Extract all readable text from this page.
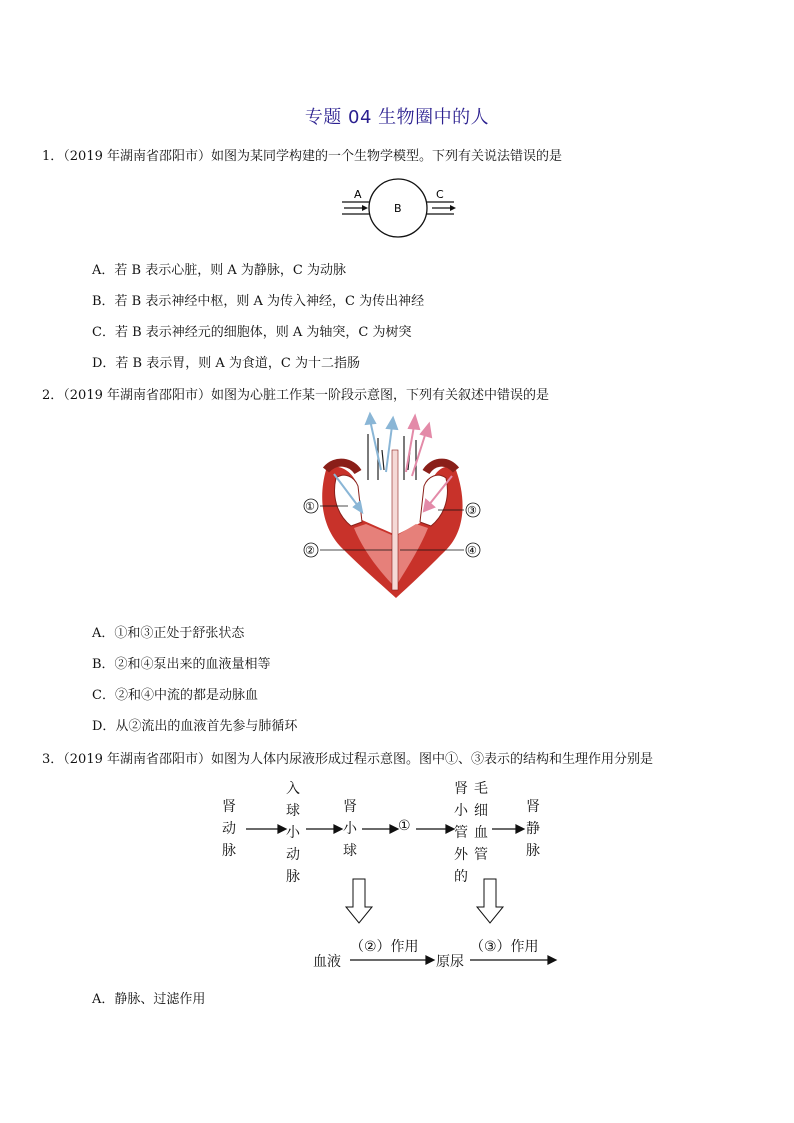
专题 04 生物圈中的人
1．（2019 年湖南省邵阳市）如图为某同学构建的一个生物学模型。下列有关说法错误的是
A
B
C
A．若 B 表示心脏，则 A 为静脉，C 为动脉
B．若 B 表示神经中枢，则 A 为传入神经，C 为传出神经
C．若 B 表示神经元的细胞体，则 A 为轴突，C 为树突
D．若 B 表示胃，则 A 为食道，C 为十二指肠
2．（2019 年湖南省邵阳市）如图为心脏工作某一阶段示意图，下列有关叙述中错误的是
①
②
③
④
A．①和③正处于舒张状态
B．②和④泵出来的血液量相等
C．②和④中流的都是动脉血
D．从②流出的血液首先参与肺循环
3．（2019 年湖南省邵阳市）如图为人体内尿液形成过程示意图。图中①、③表示的结构和生理作用分别是
肾动脉
入球小动脉
肾小球
①
肾小管外的
毛细血管
肾静脉
血液
（②）作用
原尿
（③）作用
A．静脉、过滤作用
